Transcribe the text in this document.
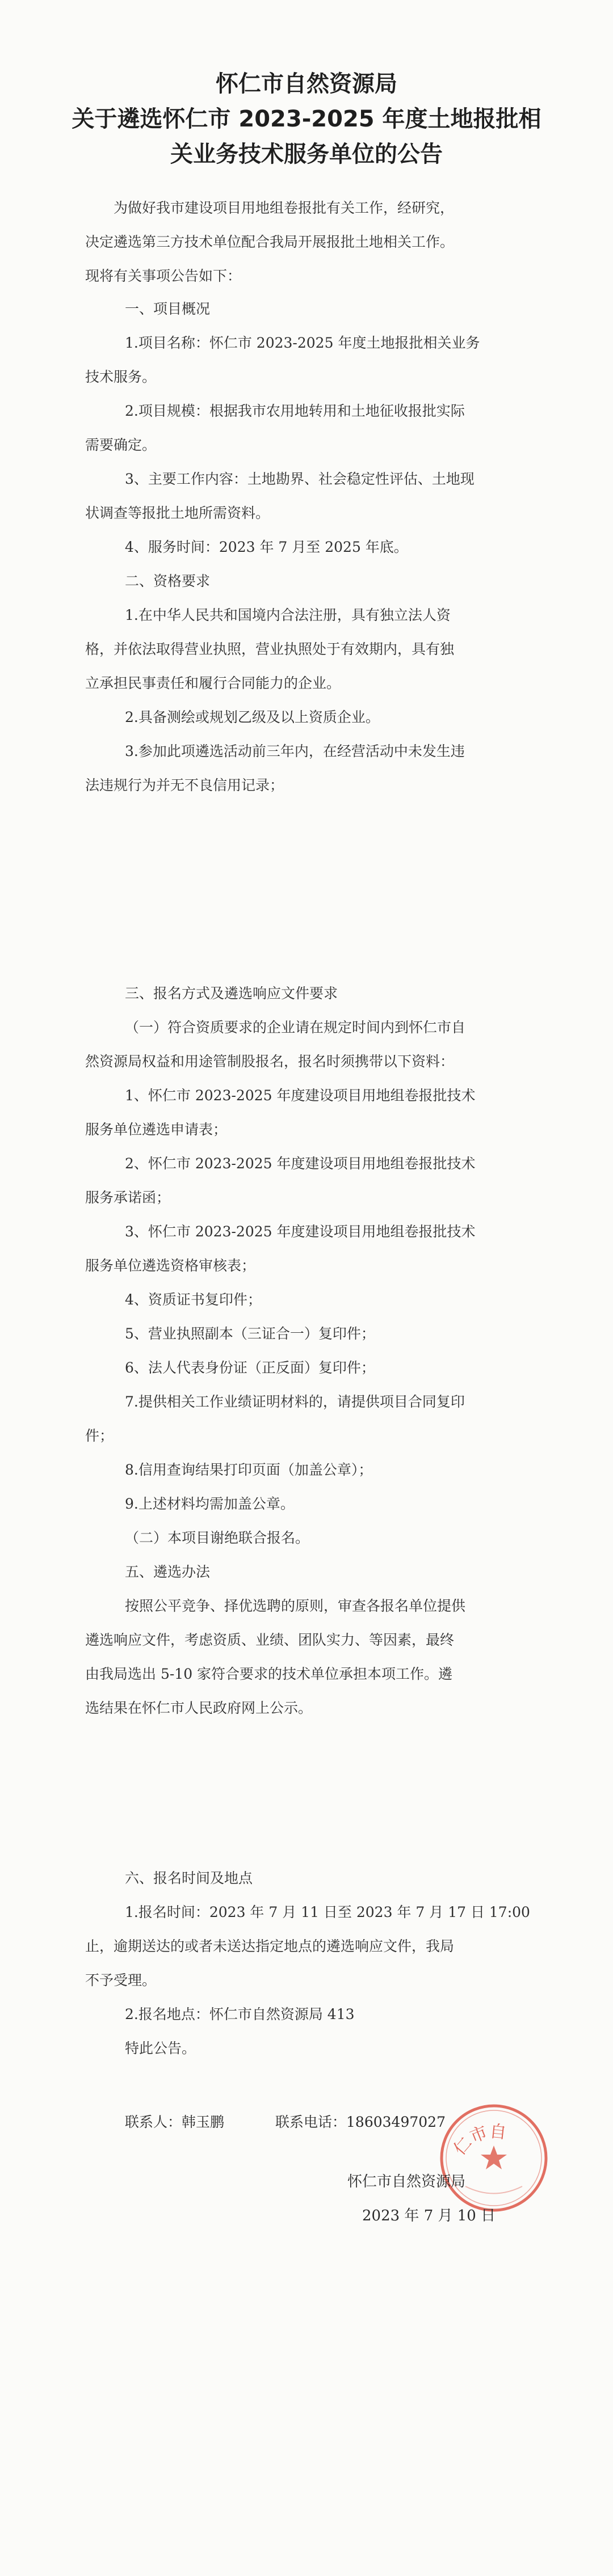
怀仁市自然资源局
关于遴选怀仁市 2023-2025 年度土地报批相
关业务技术服务单位的公告
为做好我市建设项目用地组卷报批有关工作，经研究，
决定遴选第三方技术单位配合我局开展报批土地相关工作。
现将有关事项公告如下：
一、项目概况
1.项目名称：怀仁市 2023-2025 年度土地报批相关业务
技术服务。
2.项目规模：根据我市农用地转用和土地征收报批实际
需要确定。
3、主要工作内容：土地勘界、社会稳定性评估、土地现
状调查等报批土地所需资料。
4、服务时间：2023 年 7 月至 2025 年底。
二、资格要求
1.在中华人民共和国境内合法注册，具有独立法人资
格，并依法取得营业执照，营业执照处于有效期内，具有独
立承担民事责任和履行合同能力的企业。
2.具备测绘或规划乙级及以上资质企业。
3.参加此项遴选活动前三年内，在经营活动中未发生违
法违规行为并无不良信用记录；
三、报名方式及遴选响应文件要求
（一）符合资质要求的企业请在规定时间内到怀仁市自
然资源局权益和用途管制股报名，报名时须携带以下资料：
1、怀仁市 2023-2025 年度建设项目用地组卷报批技术
服务单位遴选申请表；
2、怀仁市 2023-2025 年度建设项目用地组卷报批技术
服务承诺函；
3、怀仁市 2023-2025 年度建设项目用地组卷报批技术
服务单位遴选资格审核表；
4、资质证书复印件；
5、营业执照副本（三证合一）复印件；
6、法人代表身份证（正反面）复印件；
7.提供相关工作业绩证明材料的，请提供项目合同复印
件；
8.信用查询结果打印页面（加盖公章）；
9.上述材料均需加盖公章。
（二）本项目谢绝联合报名。
五、遴选办法
按照公平竞争、择优选聘的原则，审查各报名单位提供
遴选响应文件，考虑资质、业绩、团队实力、等因素，最终
由我局选出 5-10 家符合要求的技术单位承担本项工作。遴
选结果在怀仁市人民政府网上公示。
六、报名时间及地点
1.报名时间：2023 年 7 月 11 日至 2023 年 7 月 17 日 17:00
止，逾期送达的或者未送达指定地点的遴选响应文件，我局
不予受理。
2.报名地点：怀仁市自然资源局 413
特此公告。
联系人：韩玉鹏	联系电话：18603497027
仁市自
怀仁市自然资源局
2023 年 7 月 10 日
